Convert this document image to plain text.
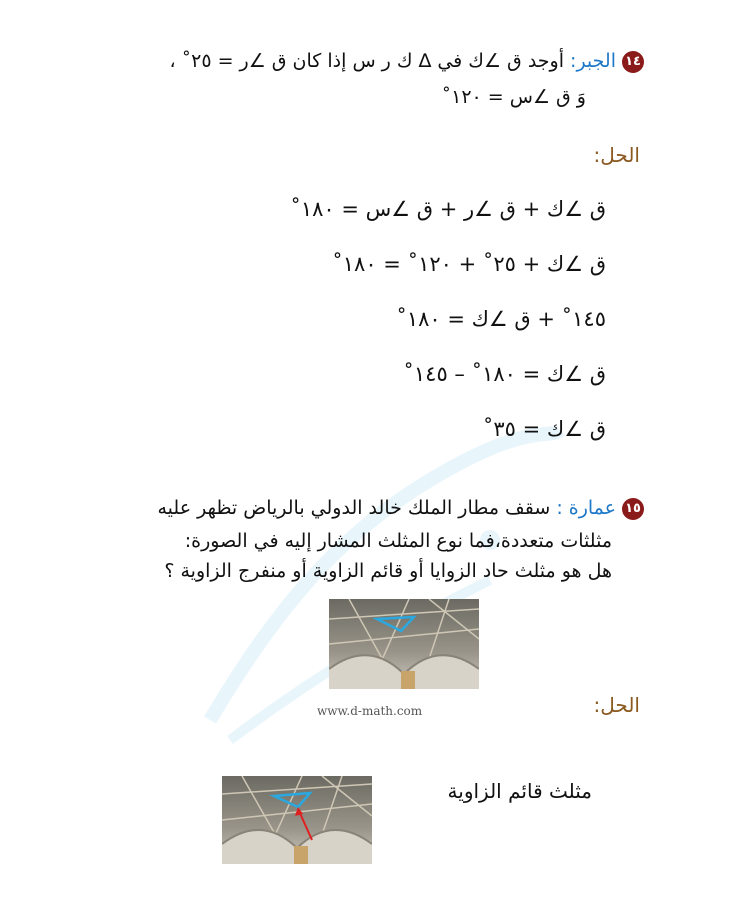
١٤الجبر: أوجد ق ∠ك في ∆ ك ر س إذا كان ق ∠ر = ٢٥˚ ،
وَ ق ∠س = ١٢٠˚
الحل:
ق ∠ك + ق ∠ر + ق ∠س = ١٨٠˚
ق ∠ك + ٢٥˚ + ١٢٠˚ = ١٨٠˚
١٤٥˚ + ق ∠ك = ١٨٠˚
ق ∠ك = ١٨٠˚ – ١٤٥˚
ق ∠ك = ٣٥˚
١٥عمارة : سقف مطار الملك خالد الدولي بالرياض تظهر عليه
مثلثات متعددة،فما نوع المثلث المشار إليه في الصورة:
هل هو مثلث حاد الزوايا أو قائم الزاوية أو منفرج الزاوية ؟
www.d-math.com	الحل:
مثلث قائم الزاوية
